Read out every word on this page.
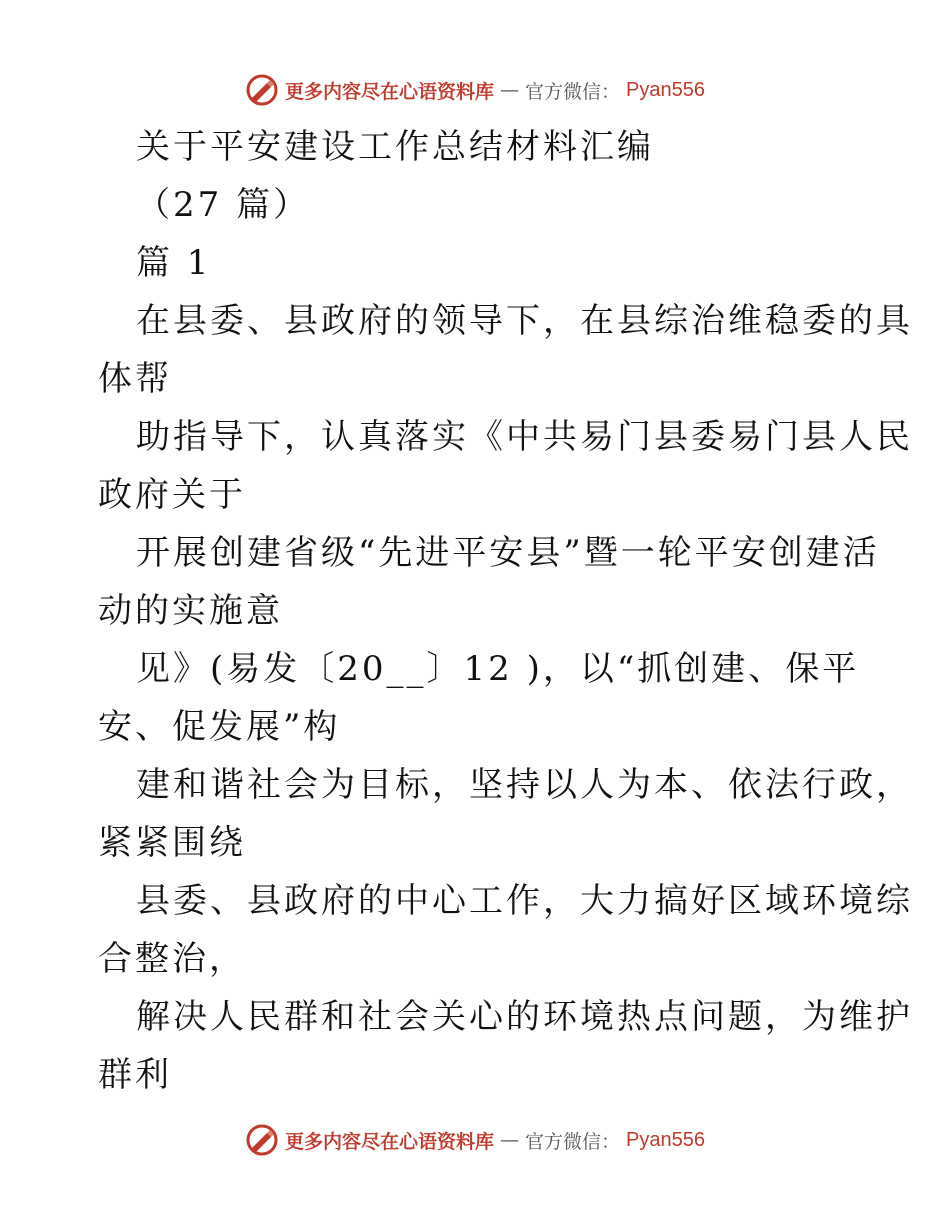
更多内容尽在心语资料库 — 官方微信： Pyan556
关于平安建设工作总结材料汇编
（27 篇）
篇 1
在县委、县政府的领导下，在县综治维稳委的具
体帮
助指导下，认真落实《中共易门县委易门县人民
政府关于
开展创建省级“先进平安县”暨一轮平安创建活
动的实施意
见》(易发〔20__〕12 )，以“抓创建、保平
安、促发展”构
建和谐社会为目标，坚持以人为本、依法行政，
紧紧围绕
县委、县政府的中心工作，大力搞好区域环境综
合整治，
解决人民群和社会关心的环境热点问题，为维护
群利
更多内容尽在心语资料库 — 官方微信： Pyan556
